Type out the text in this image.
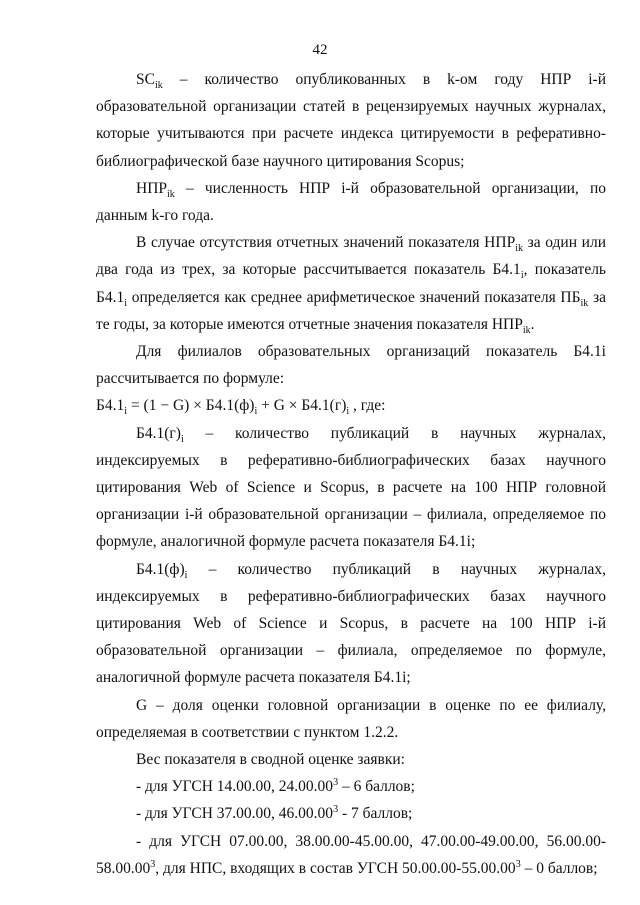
42

$SC_{ik}$ – количество опубликованных в k-ом году НПР i-й образовательной организации статей в рецензируемых научных журналах, которые учитываются при расчете индекса цитируемости в реферативно-библиографической базе научного цитирования Scopus;

$НПР_{ik}$ – численность НПР i-й образовательной организации, по данным k-го года.

В случае отсутствия отчетных значений показателя $НПР_{ik}$ за один или два года из трех, за которые рассчитывается показатель $Б4.1_i$, показатель $Б4.1_i$ определяется как среднее арифметическое значений показателя $ПБ_{ik}$ за те годы, за которые имеются отчетные значения показателя $НПР_{ik}$.

Для филиалов образовательных организаций показатель Б4.1i рассчитывается по формуле:

$Б4.1_i = (1 - G) \times Б4.1(ф)_i + G \times Б4.1(г)_i$ , где:

$Б4.1(г)_i$ – количество публикаций в научных журналах, индексируемых в реферативно-библиографических базах научного цитирования Web of Science и Scopus, в расчете на 100 НПР головной организации i-й образовательной организации – филиала, определяемое по формуле, аналогичной формуле расчета показателя Б4.1i;

$Б4.1(ф)_i$ – количество публикаций в научных журналах, индексируемых в реферативно-библиографических базах научного цитирования Web of Science и Scopus, в расчете на 100 НПР i-й образовательной организации – филиала, определяемое по формуле, аналогичной формуле расчета показателя Б4.1i;

G – доля оценки головной организации в оценке по ее филиалу, определяемая в соответствии с пунктом 1.2.2.

Вес показателя в сводной оценке заявки:

- для УГСН 14.00.00, 24.00.00$^3$ – 6 баллов;

- для УГСН 37.00.00, 46.00.00$^3$ - 7 баллов;

- для УГСН 07.00.00, 38.00.00-45.00.00, 47.00.00-49.00.00, 56.00.00-58.00.00$^3$, для НПС, входящих в состав УГСН 50.00.00-55.00.00$^3$ – 0 баллов;
